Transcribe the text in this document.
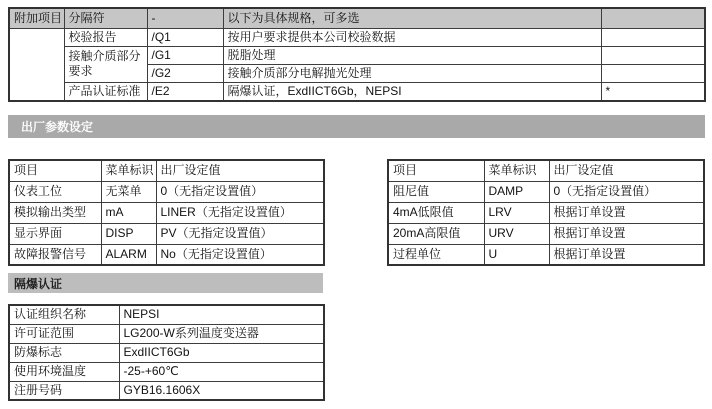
附加项目	分隔符	-	以下为具体规格，可多选	
	校验报告	/Q1	按用户要求提供本公司校验数据	
	接触介质部分要求	/G1	脱脂处理	
		/G2	接触介质部分电解抛光处理	
	产品认证标准	/E2	隔爆认证，ExdIICT6Gb，NEPSI	*
出厂参数设定
项目	菜单标识	出厂设定值
仪表工位	无菜单	0（无指定设置值）
模拟输出类型	mA	LINER（无指定设置值）
显示界面	DISP	PV（无指定设置值）
故障报警信号	ALARM	No（无指定设置值）
项目	菜单标识	出厂设定值
阻尼值	DAMP	0（无指定设置值）
4mA低限值	LRV	根据订单设置
20mA高限值	URV	根据订单设置
过程单位	U	根据订单设置
隔爆认证
认证组织名称	NEPSI
许可证范围	LG200-W系列温度变送器
防爆标志	ExdIICT6Gb
使用环境温度	-25-+60℃
注册号码	GYB16.1606X
